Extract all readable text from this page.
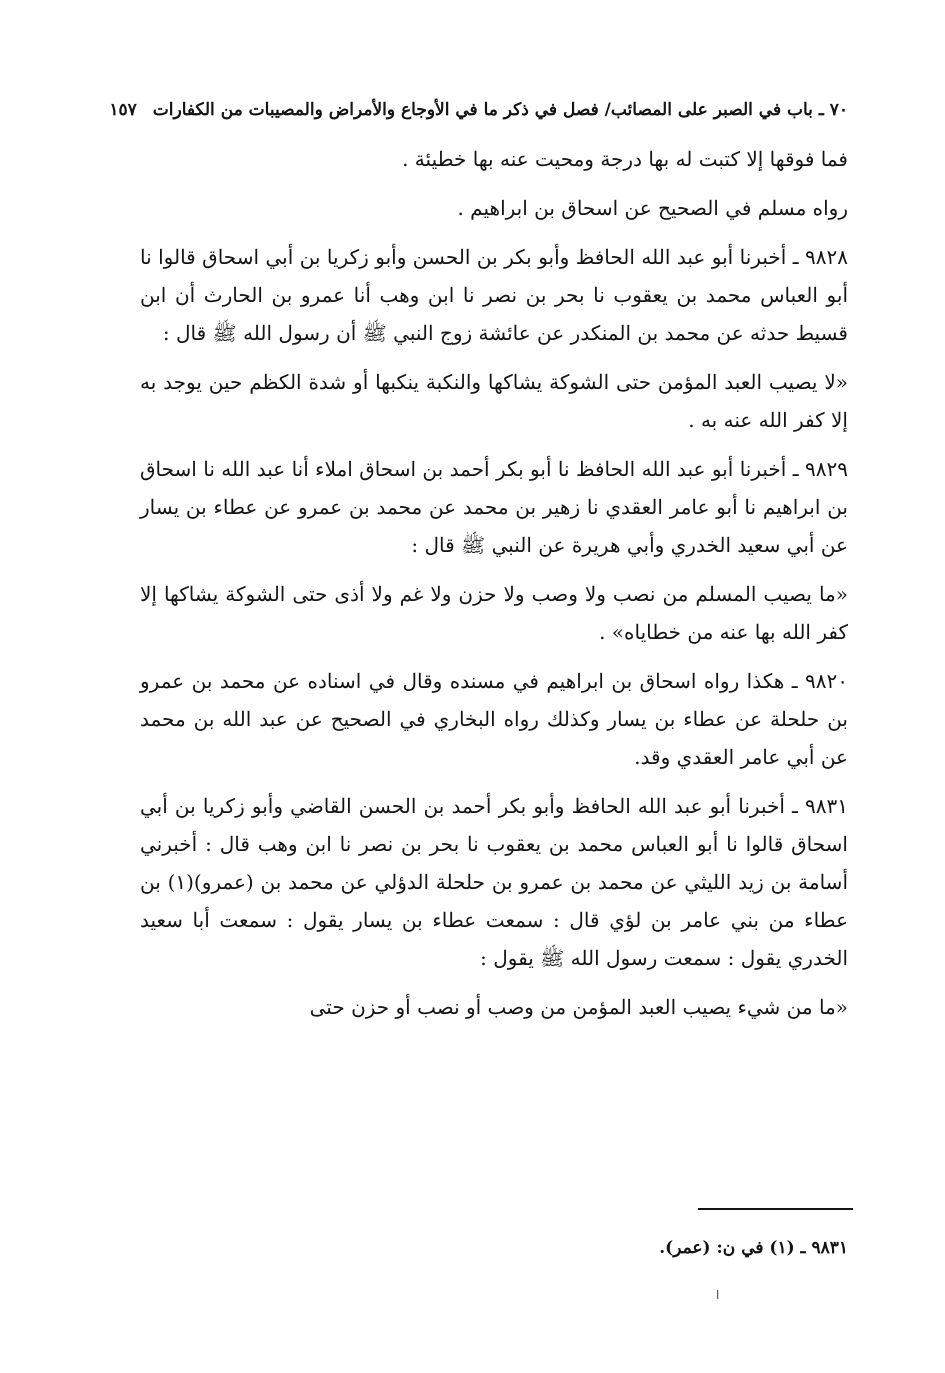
٧٠ ـ باب في الصبر على المصائب/ فصل في ذكر ما في الأوجاع والأمراض والمصيبات من الكفارات
١٥٧

فما فوقها إلا كتبت له بها درجة ومحيت عنه بها خطيئة .

رواه مسلم في الصحيح عن اسحاق بن ابراهيم .

٩٨٢٨ ـ أخبرنا أبو عبد الله الحافظ وأبو بكر بن الحسن وأبو زكريا بن أبي اسحاق قالوا نا أبو العباس محمد بن يعقوب نا بحر بن نصر نا ابن وهب أنا عمرو بن الحارث أن ابن قسيط حدثه عن محمد بن المنكدر عن عائشة زوج النبي ﷺ أن رسول الله ﷺ قال :

«لا يصيب العبد المؤمن حتى الشوكة يشاكها والنكبة ينكبها أو شدة الكظم حين يوجد به إلا كفر الله عنه به .

٩٨٢٩ ـ أخبرنا أبو عبد الله الحافظ نا أبو بكر أحمد بن اسحاق املاء أنا عبد الله نا اسحاق بن ابراهيم نا أبو عامر العقدي نا زهير بن محمد عن محمد بن عمرو عن عطاء بن يسار عن أبي سعيد الخدري وأبي هريرة عن النبي ﷺ قال :

«ما يصيب المسلم من نصب ولا وصب ولا حزن ولا غم ولا أذى حتى الشوكة يشاكها إلا كفر الله بها عنه من خطاياه» .

٩٨٢٠ ـ هكذا رواه اسحاق بن ابراهيم في مسنده وقال في اسناده عن محمد بن عمرو بن حلحلة عن عطاء بن يسار وكذلك رواه البخاري في الصحيح عن عبد الله بن محمد عن أبي عامر العقدي وقد.

٩٨٣١ ـ أخبرنا أبو عبد الله الحافظ وأبو بكر أحمد بن الحسن القاضي وأبو زكريا بن أبي اسحاق قالوا نا أبو العباس محمد بن يعقوب نا بحر بن نصر نا ابن وهب قال : أخبرني أسامة بن زيد الليثي عن محمد بن عمرو بن حلحلة الدؤلي عن محمد بن (عمرو)(١) بن عطاء من بني عامر بن لؤي قال : سمعت عطاء بن يسار يقول : سمعت أبا سعيد الخدري يقول : سمعت رسول الله ﷺ يقول :

«ما من شيء يصيب العبد المؤمن من وصب أو نصب أو حزن حتى

٩٨٣١ ـ (١) في ن: (عمر).
ا
